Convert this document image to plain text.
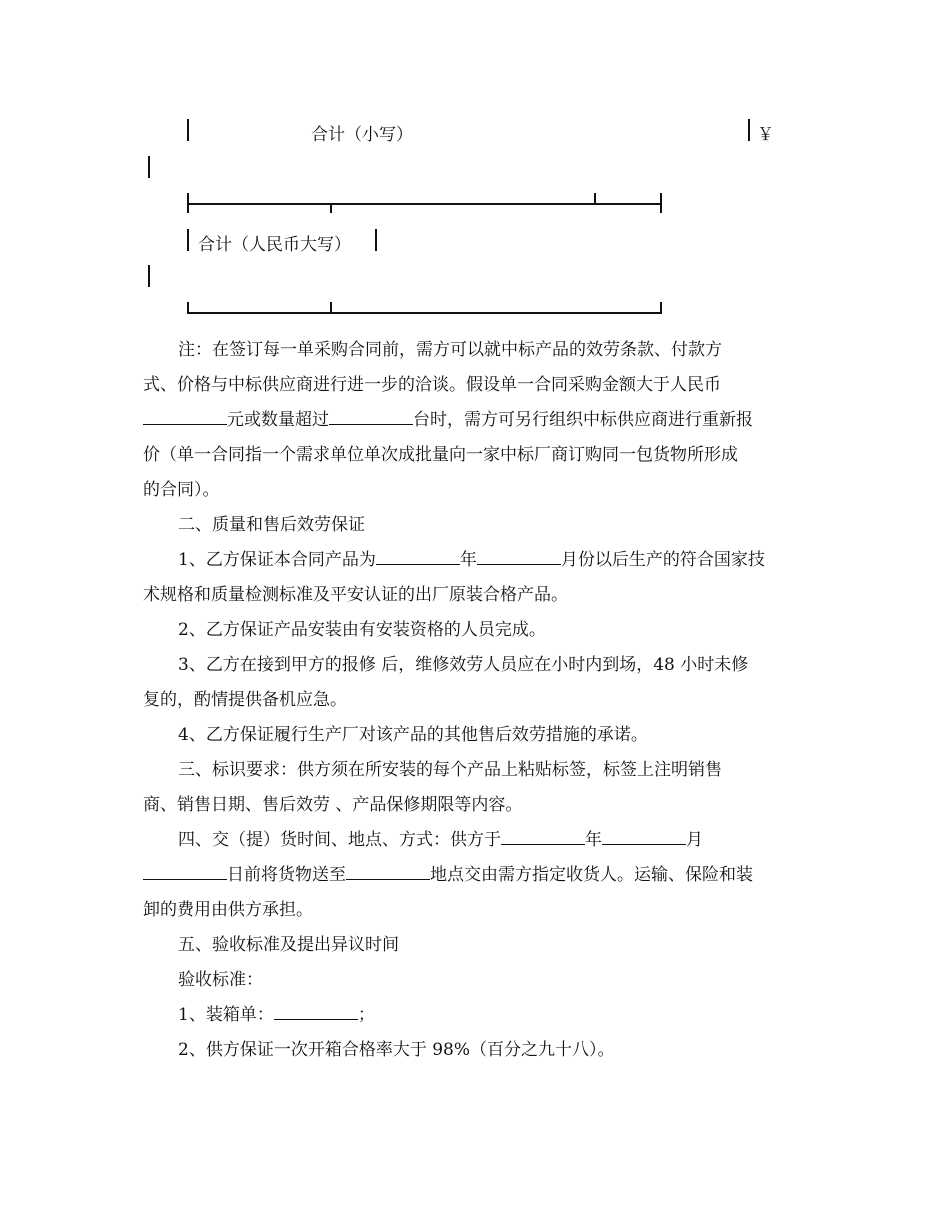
合计（小写）	￥
合计（人民币大写）

注：在签订每一单采购合同前，需方可以就中标产品的效劳条款、付款方

式、价格与中标供应商进行进一步的洽谈。假设单一合同采购金额大于人民币

元或数量超过	台时，需方可另行组织中标供应商进行重新报

价（单一合同指一个需求单位单次成批量向一家中标厂商订购同一包货物所形成

的合同）。

二、质量和售后效劳保证

1、乙方保证本合同产品为	年	月份以后生产的符合国家技

术规格和质量检测标准及平安认证的出厂原装合格产品。

2、乙方保证产品安装由有安装资格的人员完成。

3、乙方在接到甲方的报修 后，维修效劳人员应在小时内到场，48 小时未修

复的，酌情提供备机应急。

4、乙方保证履行生产厂对该产品的其他售后效劳措施的承诺。

三、标识要求：供方须在所安装的每个产品上粘贴标签，标签上注明销售

商、销售日期、售后效劳 、产品保修期限等内容。

四、交（提）货时间、地点、方式：供方于	年	月

日前将货物送至	地点交由需方指定收货人。运输、保险和装

卸的费用由供方承担。

五、验收标准及提出异议时间

验收标准：

1、装箱单：	；

2、供方保证一次开箱合格率大于 98%（百分之九十八）。
